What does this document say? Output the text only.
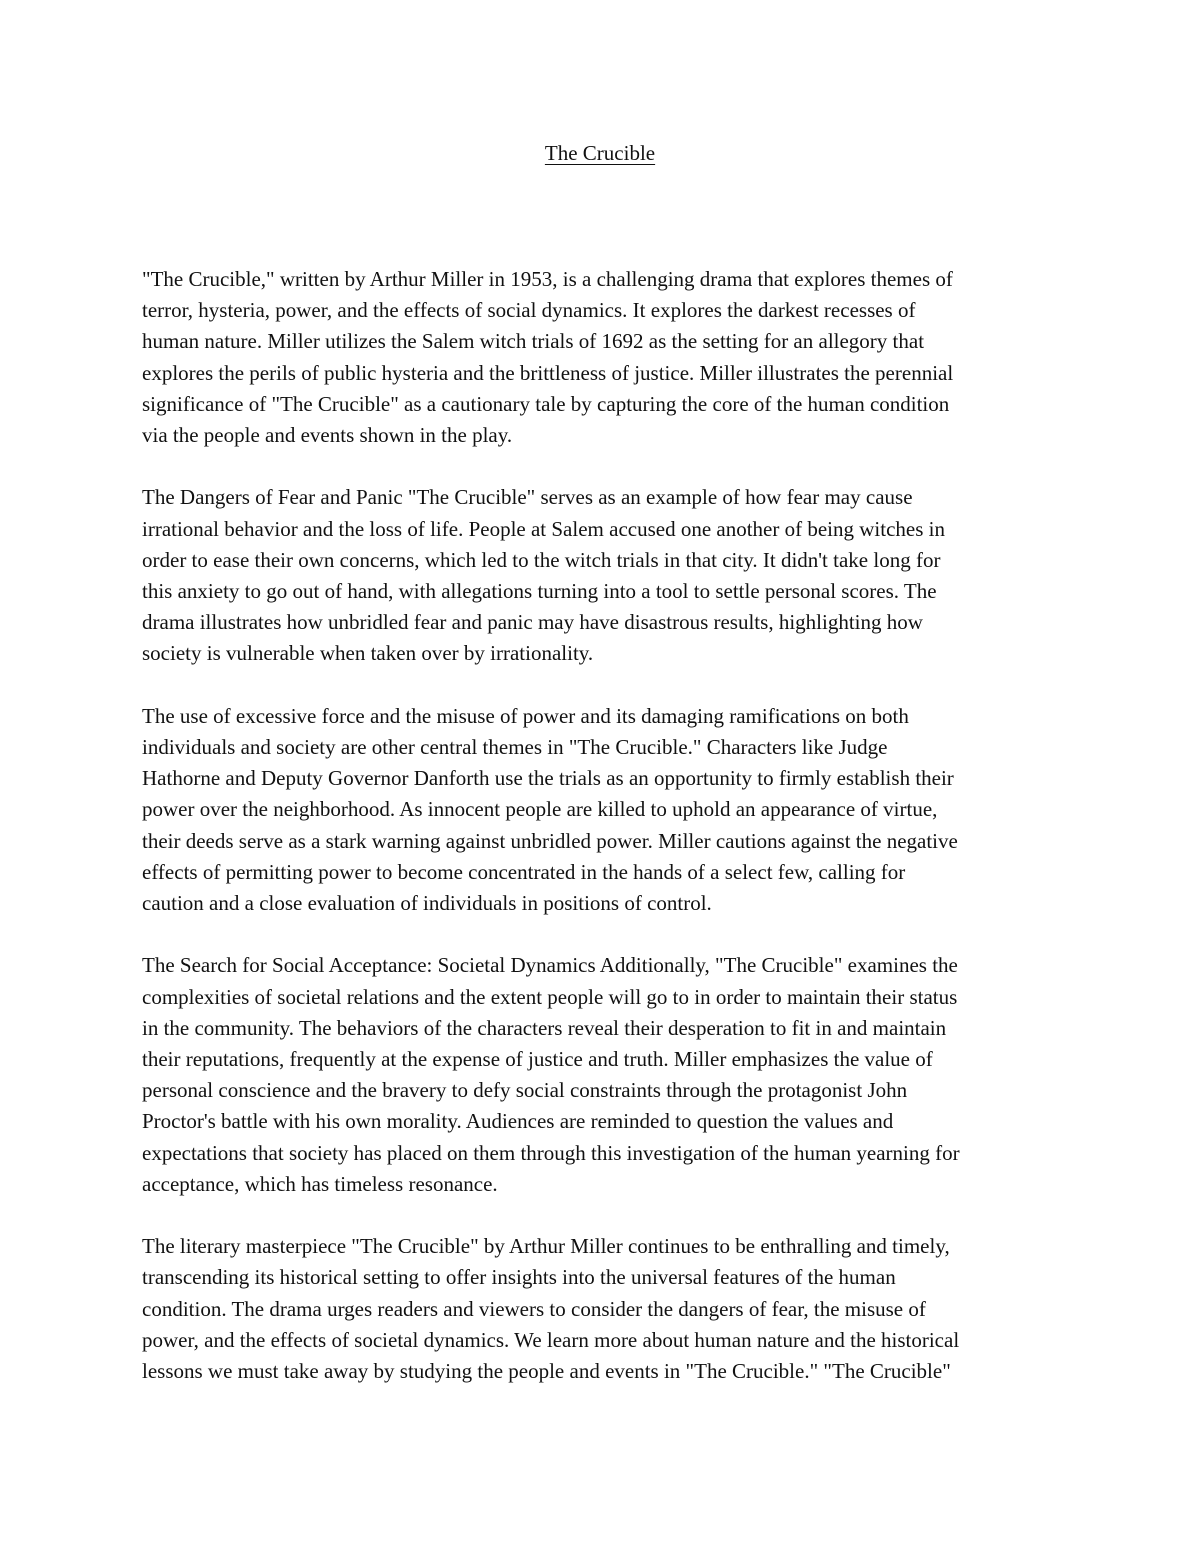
The Crucible

"The Crucible," written by Arthur Miller in 1953, is a challenging drama that explores themes of
terror, hysteria, power, and the effects of social dynamics. It explores the darkest recesses of
human nature. Miller utilizes the Salem witch trials of 1692 as the setting for an allegory that
explores the perils of public hysteria and the brittleness of justice. Miller illustrates the perennial
significance of "The Crucible" as a cautionary tale by capturing the core of the human condition
via the people and events shown in the play.

The Dangers of Fear and Panic "The Crucible" serves as an example of how fear may cause
irrational behavior and the loss of life. People at Salem accused one another of being witches in
order to ease their own concerns, which led to the witch trials in that city. It didn't take long for
this anxiety to go out of hand, with allegations turning into a tool to settle personal scores. The
drama illustrates how unbridled fear and panic may have disastrous results, highlighting how
society is vulnerable when taken over by irrationality.

The use of excessive force and the misuse of power and its damaging ramifications on both
individuals and society are other central themes in "The Crucible." Characters like Judge
Hathorne and Deputy Governor Danforth use the trials as an opportunity to firmly establish their
power over the neighborhood. As innocent people are killed to uphold an appearance of virtue,
their deeds serve as a stark warning against unbridled power. Miller cautions against the negative
effects of permitting power to become concentrated in the hands of a select few, calling for
caution and a close evaluation of individuals in positions of control.

The Search for Social Acceptance: Societal Dynamics Additionally, "The Crucible" examines the
complexities of societal relations and the extent people will go to in order to maintain their status
in the community. The behaviors of the characters reveal their desperation to fit in and maintain
their reputations, frequently at the expense of justice and truth. Miller emphasizes the value of
personal conscience and the bravery to defy social constraints through the protagonist John
Proctor's battle with his own morality. Audiences are reminded to question the values and
expectations that society has placed on them through this investigation of the human yearning for
acceptance, which has timeless resonance.

The literary masterpiece "The Crucible" by Arthur Miller continues to be enthralling and timely,
transcending its historical setting to offer insights into the universal features of the human
condition. The drama urges readers and viewers to consider the dangers of fear, the misuse of
power, and the effects of societal dynamics. We learn more about human nature and the historical
lessons we must take away by studying the people and events in "The Crucible." "The Crucible"
